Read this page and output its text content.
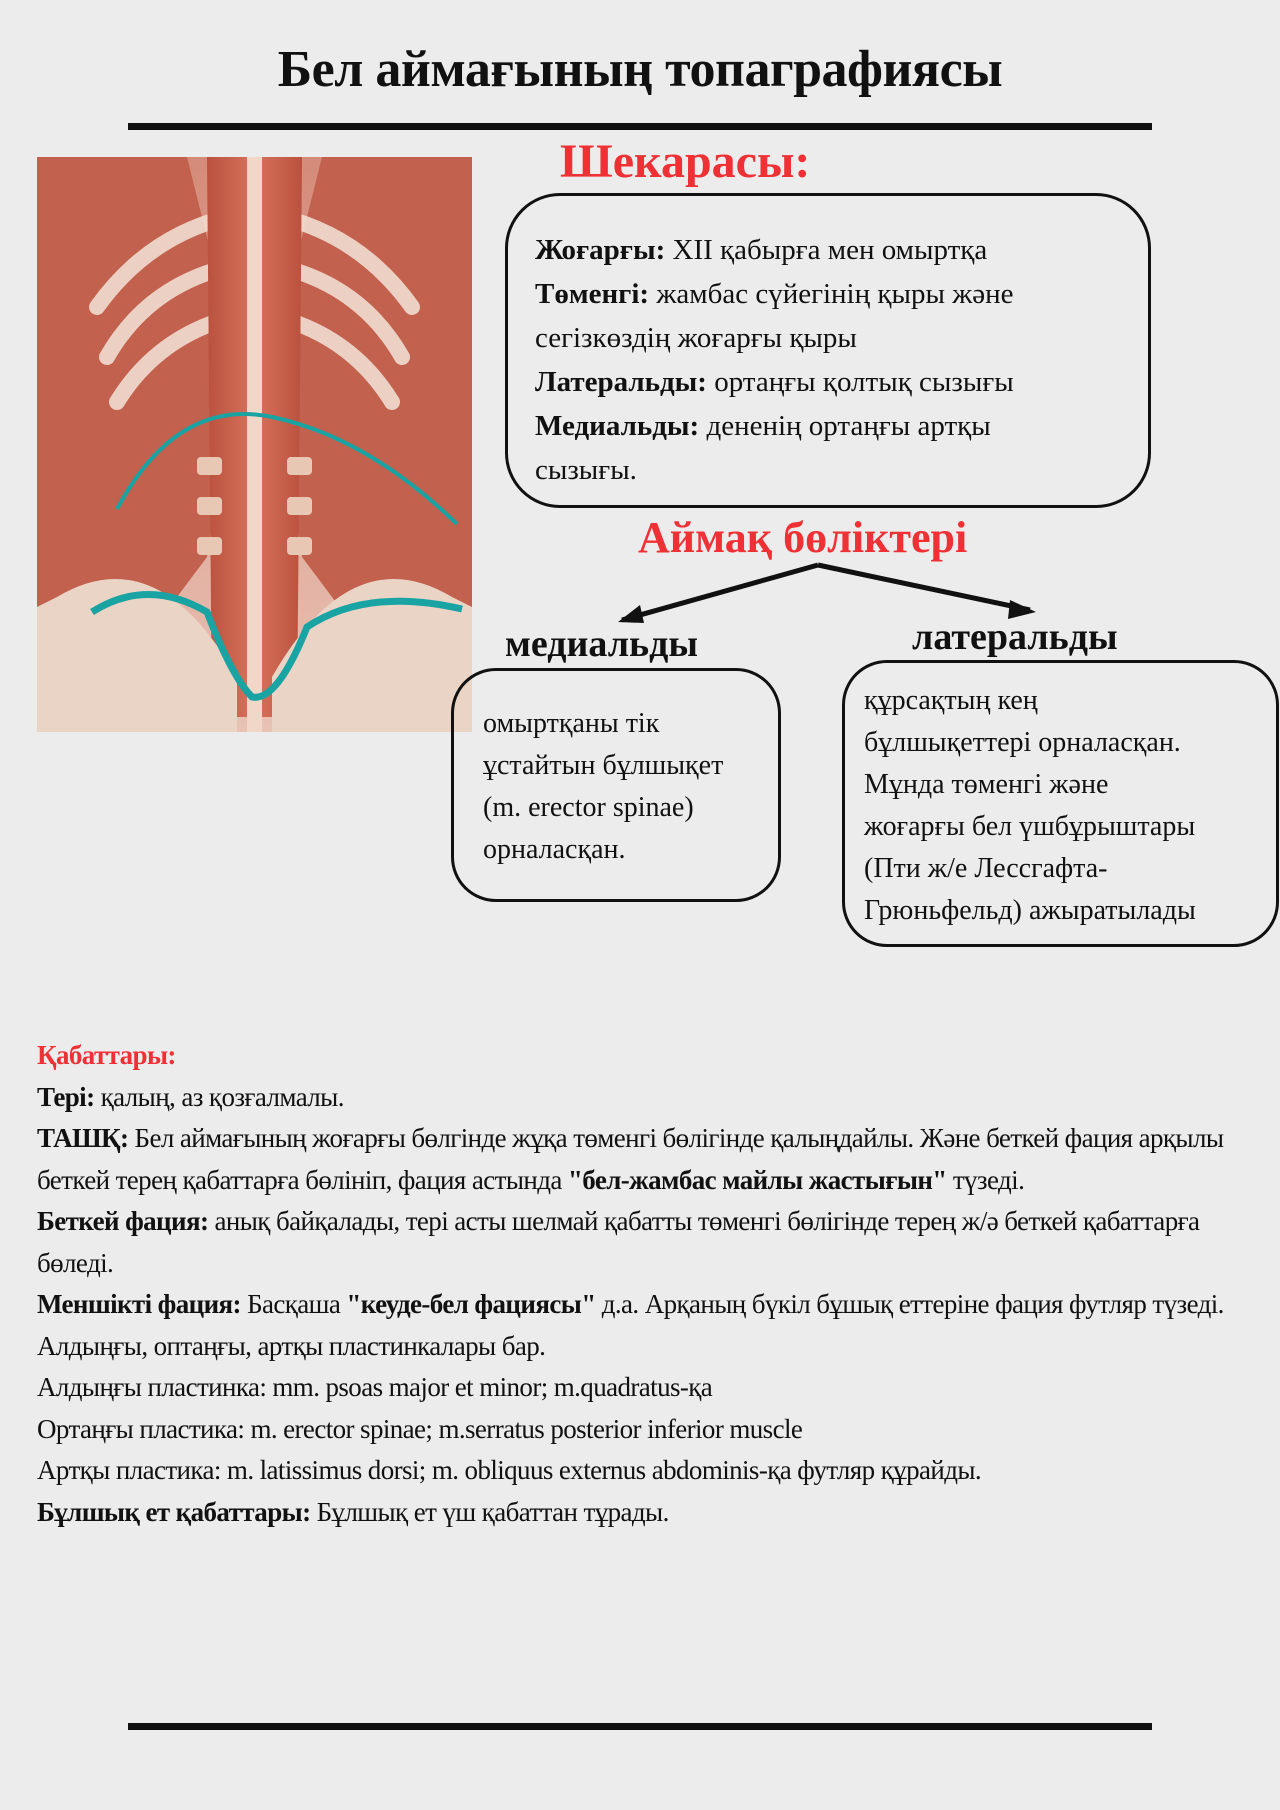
Бел аймағының топаграфиясы
Шекарасы:
Жоғарғы: XII қабырға мен омыртқа
Төменгі: жамбас сүйегінің қыры және
сегізкөздің жоғарғы қыры
Латеральды: ортаңғы қолтық сызығы
Медиальды: дененің ортаңғы артқы
сызығы.
Аймақ бөліктері
медиальды	латеральды
омыртқаны тік
ұстайтын бұлшықет
(m. erector spinae)
орналасқан.
құрсақтың кең
бұлшықеттері орналасқан.
Мұнда төменгі және
жоғарғы бел үшбұрыштары
(Пти ж/е Лессгафта-
Грюньфельд) ажыратылады

Қабаттары:

Тері: қалың, аз қозғалмалы.

ТАШҚ: Бел аймағының жоғарғы бөлгінде жұқа төменгі бөлігінде қалыңдайлы. Және беткей фация арқылы беткей терең қабаттарға бөлініп, фация астында "бел-жамбас майлы жастығын" түзеді.

Беткей фация: анық байқалады, тері асты шелмай қабатты төменгі бөлігінде терең ж/ә беткей қабаттарға бөледі.

Меншікті фация: Басқаша "кеуде-бел фациясы" д.а. Арқаның бүкіл бұшық еттеріне фация футляр түзеді. Алдыңғы, оптаңғы, артқы пластинкалары бар.

Алдыңғы пластинка: mm. psoas major et minor; m.quadratus-қа

Ортаңғы пластика: m. erector spinae; m.serratus posterior inferior muscle

Артқы пластика: m. latissimus dorsi; m. obliquus externus abdominis-қа футляр құрайды.

Бұлшық ет қабаттары: Бұлшық ет үш қабаттан тұрады.
